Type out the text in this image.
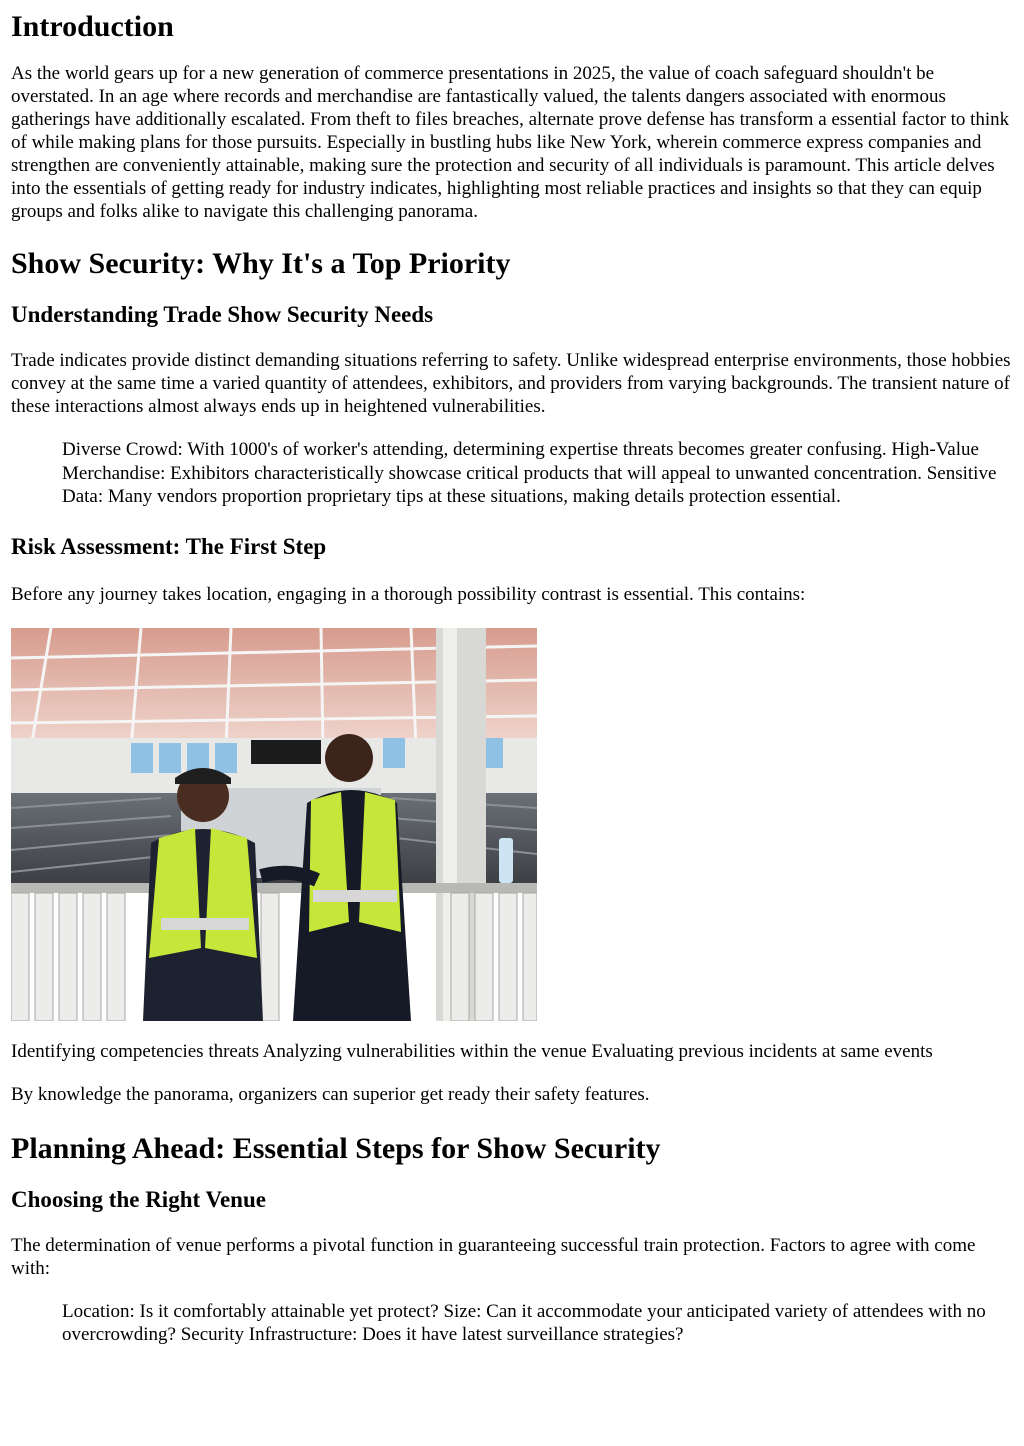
Introduction

As the world gears up for a new generation of commerce presentations in 2025, the value of coach safeguard shouldn't be overstated. In an age where records and merchandise are fantastically valued, the talents dangers associated with enormous gatherings have additionally escalated. From theft to files breaches, alternate prove defense has transform a essential factor to think of while making plans for those pursuits. Especially in bustling hubs like New York, wherein commerce express companies and strengthen are conveniently attainable, making sure the protection and security of all individuals is paramount. This article delves into the essentials of getting ready for industry indicates, highlighting most reliable practices and insights so that they can equip groups and folks alike to navigate this challenging panorama.

Show Security: Why It's a Top Priority
Understanding Trade Show Security Needs

Trade indicates provide distinct demanding situations referring to safety. Unlike widespread enterprise environments, those hobbies convey at the same time a varied quantity of attendees, exhibitors, and providers from varying backgrounds. The transient nature of these interactions almost always ends up in heightened vulnerabilities.

Diverse Crowd: With 1000's of worker's attending, determining expertise threats becomes greater confusing. High-Value Merchandise: Exhibitors characteristically showcase critical products that will appeal to unwanted concentration. Sensitive Data: Many vendors proportion proprietary tips at these situations, making details protection essential.
Risk Assessment: The First Step

Before any journey takes location, engaging in a thorough possibility contrast is essential. This contains:

Identifying competencies threats Analyzing vulnerabilities within the venue Evaluating previous incidents at same events

By knowledge the panorama, organizers can superior get ready their safety features.

Planning Ahead: Essential Steps for Show Security
Choosing the Right Venue

The determination of venue performs a pivotal function in guaranteeing successful train protection. Factors to agree with come with:

Location: Is it comfortably attainable yet protect? Size: Can it accommodate your anticipated variety of attendees with no overcrowding? Security Infrastructure: Does it have latest surveillance strategies?
